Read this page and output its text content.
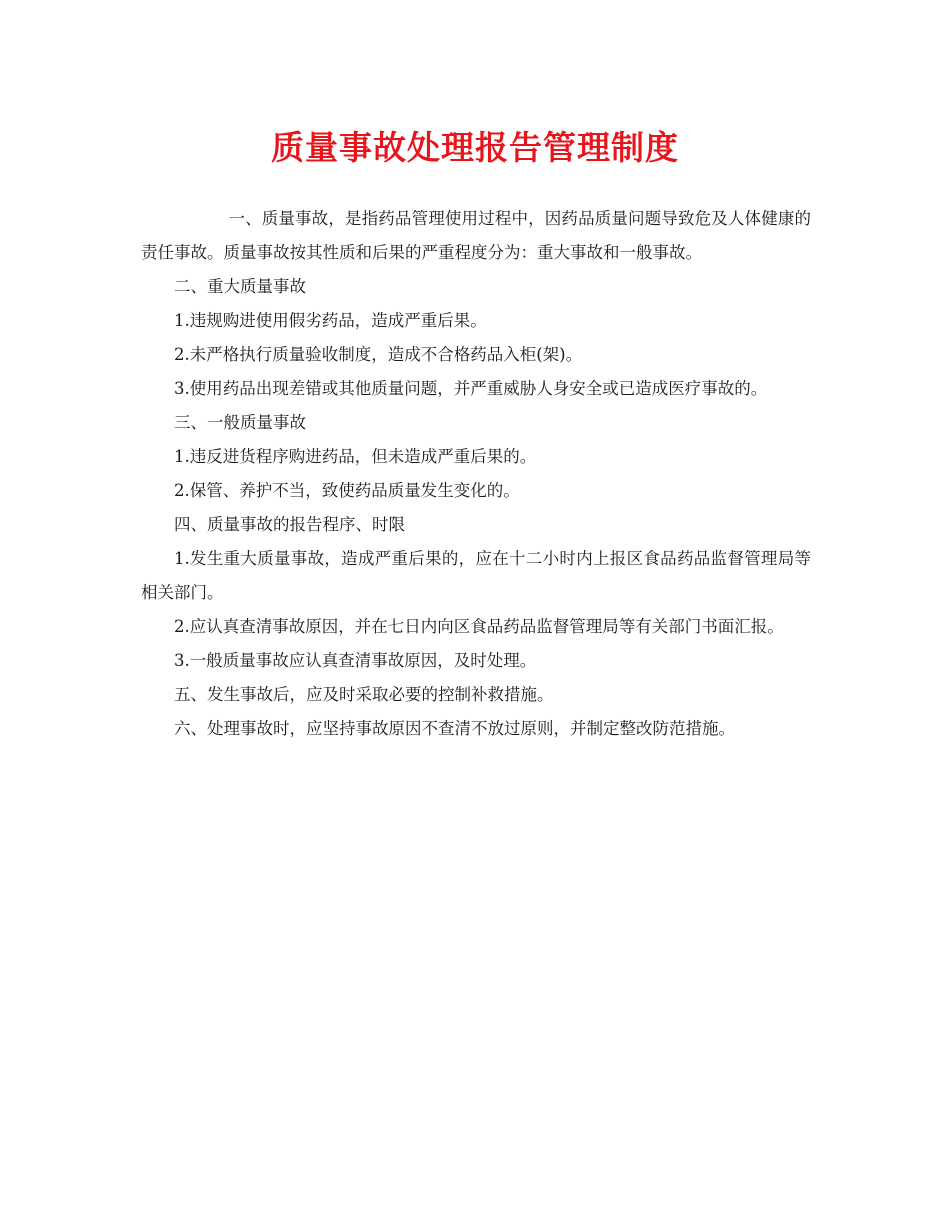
质量事故处理报告管理制度

一、质量事故，是指药品管理使用过程中，因药品质量问题导致危及人体健康的责任事故。质量事故按其性质和后果的严重程度分为：重大事故和一般事故。

二、重大质量事故

1.违规购进使用假劣药品，造成严重后果。

2.未严格执行质量验收制度，造成不合格药品入柜(架)。

3.使用药品出现差错或其他质量问题，并严重威胁人身安全或已造成医疗事故的。

三、一般质量事故

1.违反进货程序购进药品，但未造成严重后果的。

2.保管、养护不当，致使药品质量发生变化的。

四、质量事故的报告程序、时限

1.发生重大质量事故，造成严重后果的，应在十二小时内上报区食品药品监督管理局等相关部门。

2.应认真查清事故原因，并在七日内向区食品药品监督管理局等有关部门书面汇报。

3.一般质量事故应认真查清事故原因，及时处理。

五、发生事故后，应及时采取必要的控制补救措施。

六、处理事故时，应坚持事故原因不查清不放过原则，并制定整改防范措施。
